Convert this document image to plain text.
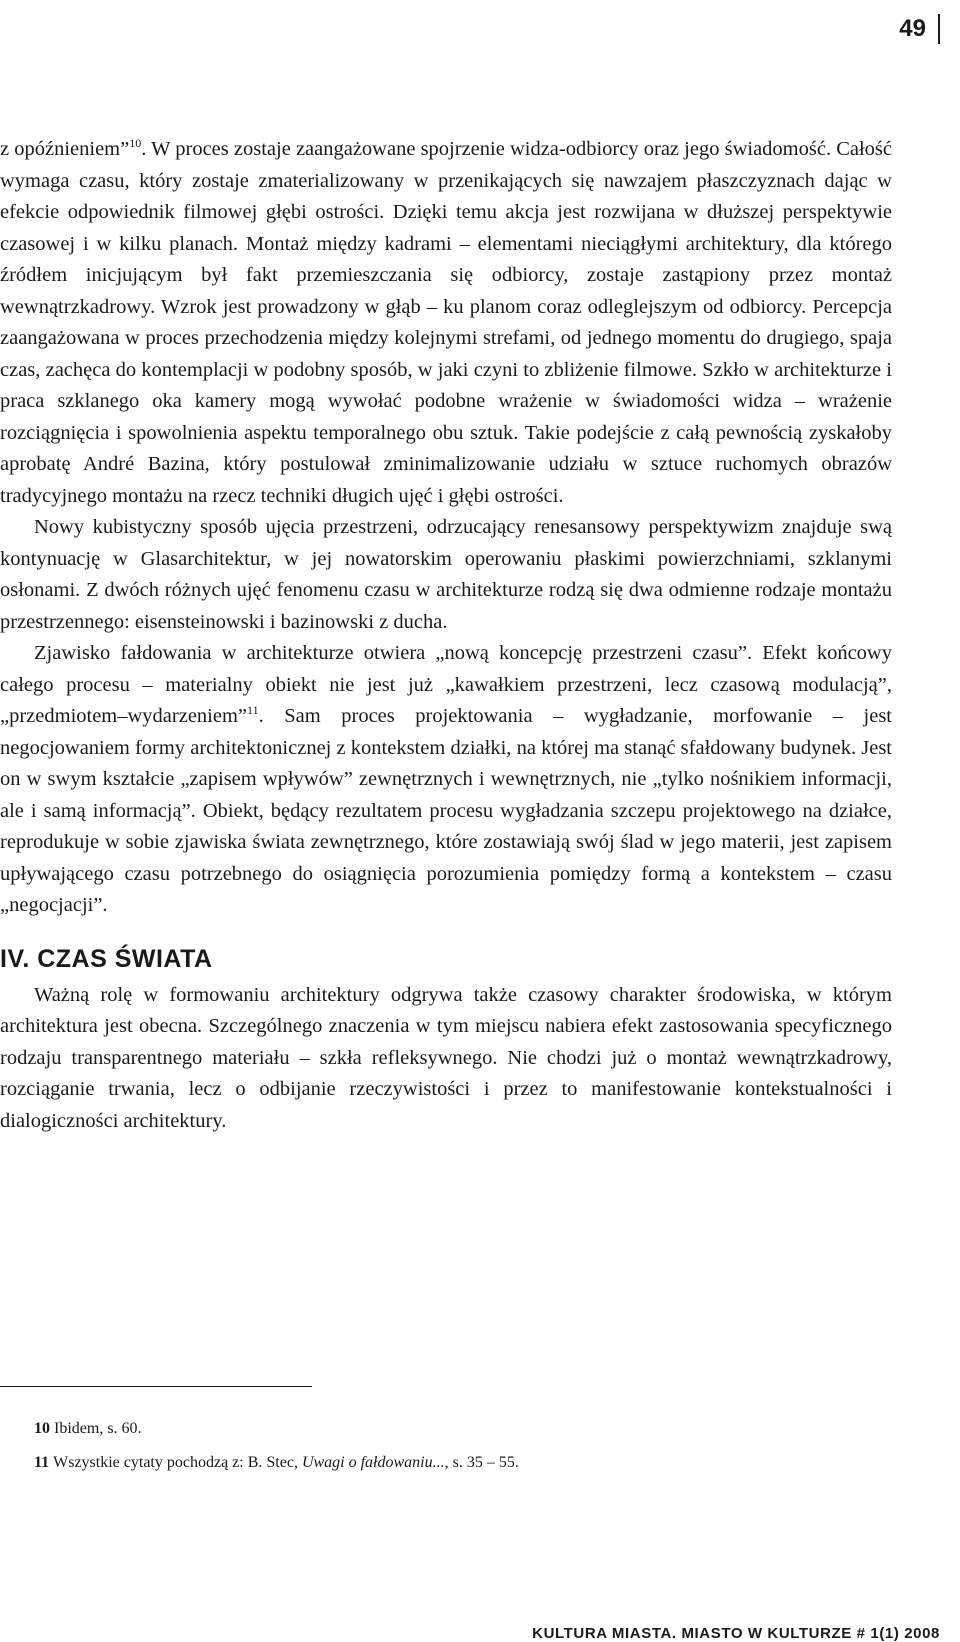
49

z opóźnieniem”$^{10}$. W proces zostaje zaangażowane spojrzenie widza-odbiorcy oraz jego świadomość. Całość wymaga czasu, który zostaje zmaterializowany w przenikających się nawzajem płaszczyznach dając w efekcie odpowiednik filmowej głębi ostrości. Dzięki temu akcja jest rozwijana w dłuższej perspektywie czasowej i w kilku planach. Montaż między kadrami – elementami nieciągłymi architektury, dla którego źródłem inicjującym był fakt przemieszczania się odbiorcy, zostaje zastąpiony przez montaż wewnątrzkadrowy. Wzrok jest prowadzony w głąb – ku planom coraz odleglejszym od odbiorcy. Percepcja zaangażowana w proces przechodzenia między kolejnymi strefami, od jednego momentu do drugiego, spaja czas, zachęca do kontemplacji w podobny sposób, w jaki czyni to zbliżenie filmowe. Szkło w architekturze i praca szklanego oka kamery mogą wywołać podobne wrażenie w świadomości widza – wrażenie rozciągnięcia i spowolnienia aspektu temporalnego obu sztuk. Takie podejście z całą pewnością zyskałoby aprobatę André Bazina, który postulował zminimalizowanie udziału w sztuce ruchomych obrazów tradycyjnego montażu na rzecz techniki długich ujęć i głębi ostrości.

Nowy kubistyczny sposób ujęcia przestrzeni, odrzucający renesansowy perspektywizm znajduje swą kontynuację w Glasarchitektur, w jej nowatorskim operowaniu płaskimi powierzchniami, szklanymi osłonami. Z dwóch różnych ujęć fenomenu czasu w architekturze rodzą się dwa odmienne rodzaje montażu przestrzennego: eisensteinowski i bazinowski z ducha.

Zjawisko fałdowania w architekturze otwiera „nową koncepcję przestrzeni czasu”. Efekt końcowy całego procesu – materialny obiekt nie jest już „kawałkiem przestrzeni, lecz czasową modulacją”, „przedmiotem–wydarzeniem”$^{11}$. Sam proces projektowania – wygładzanie, morfowanie – jest negocjowaniem formy architektonicznej z kontekstem działki, na której ma stanąć sfałdowany budynek. Jest on w swym kształcie „zapisem wpływów” zewnętrznych i wewnętrznych, nie „tylko nośnikiem informacji, ale i samą informacją”. Obiekt, będący rezultatem procesu wygładzania szczepu projektowego na działce, reprodukuje w sobie zjawiska świata zewnętrznego, które zostawiają swój ślad w jego materii, jest zapisem upływającego czasu potrzebnego do osiągnięcia porozumienia pomiędzy formą a kontekstem – czasu „negocjacji”.

IV. CZAS ŚWIATA

Ważną rolę w formowaniu architektury odgrywa także czasowy charakter środowiska, w którym architektura jest obecna. Szczególnego znaczenia w tym miejscu nabiera efekt zastosowania specyficznego rodzaju transparentnego materiału – szkła refleksywnego. Nie chodzi już o montaż wewnątrzkadrowy, rozciąganie trwania, lecz o odbijanie rzeczywistości i przez to manifestowanie kontekstualności i dialogiczności architektury.

10 Ibidem, s. 60.
11 Wszystkie cytaty pochodzą z: B. Stec, Uwagi o fałdowaniu..., s. 35 – 55.
KULTURA MIASTA. MIASTO W KULTURZE # 1(1) 2008
